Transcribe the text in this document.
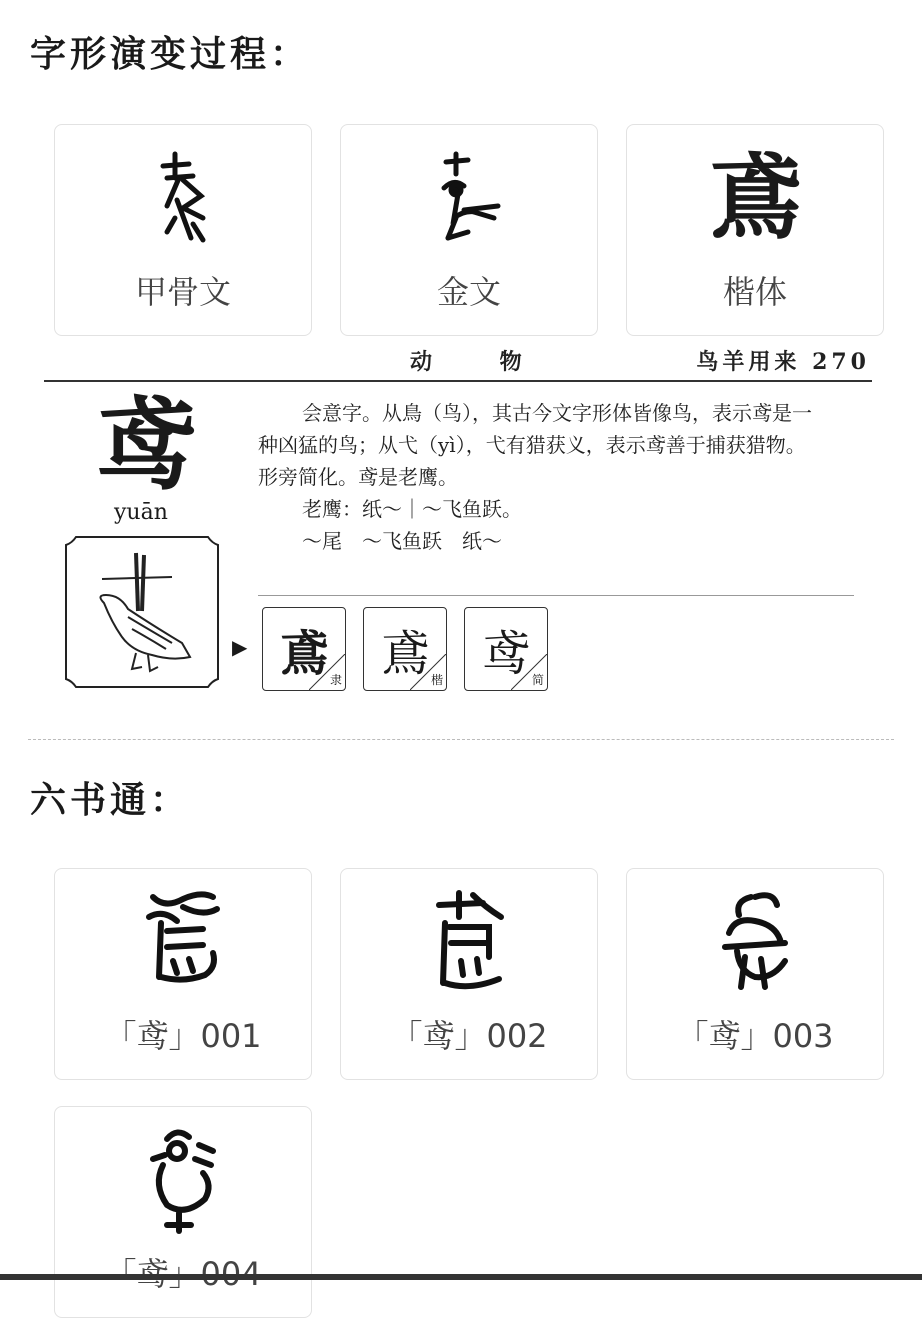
字形演变过程：
甲骨文	金文
鳶
楷体
动 物	鸟羊用来 270
鸢
yuān
会意字。从鳥（鸟），其古今文字形体皆像鸟，表示鸢是一
种凶猛的鸟；从弋（yì），弋有猎获义，表示鸢善于捕获猎物。
形旁简化。鸢是老鹰。
老鹰：纸～｜～飞鱼跃。
～尾　～飞鱼跃　纸～
▶ 鳶 隶 鳶 楷 鸢 简
六书通：
「鸢」001	「鸢」002	「鸢」003
